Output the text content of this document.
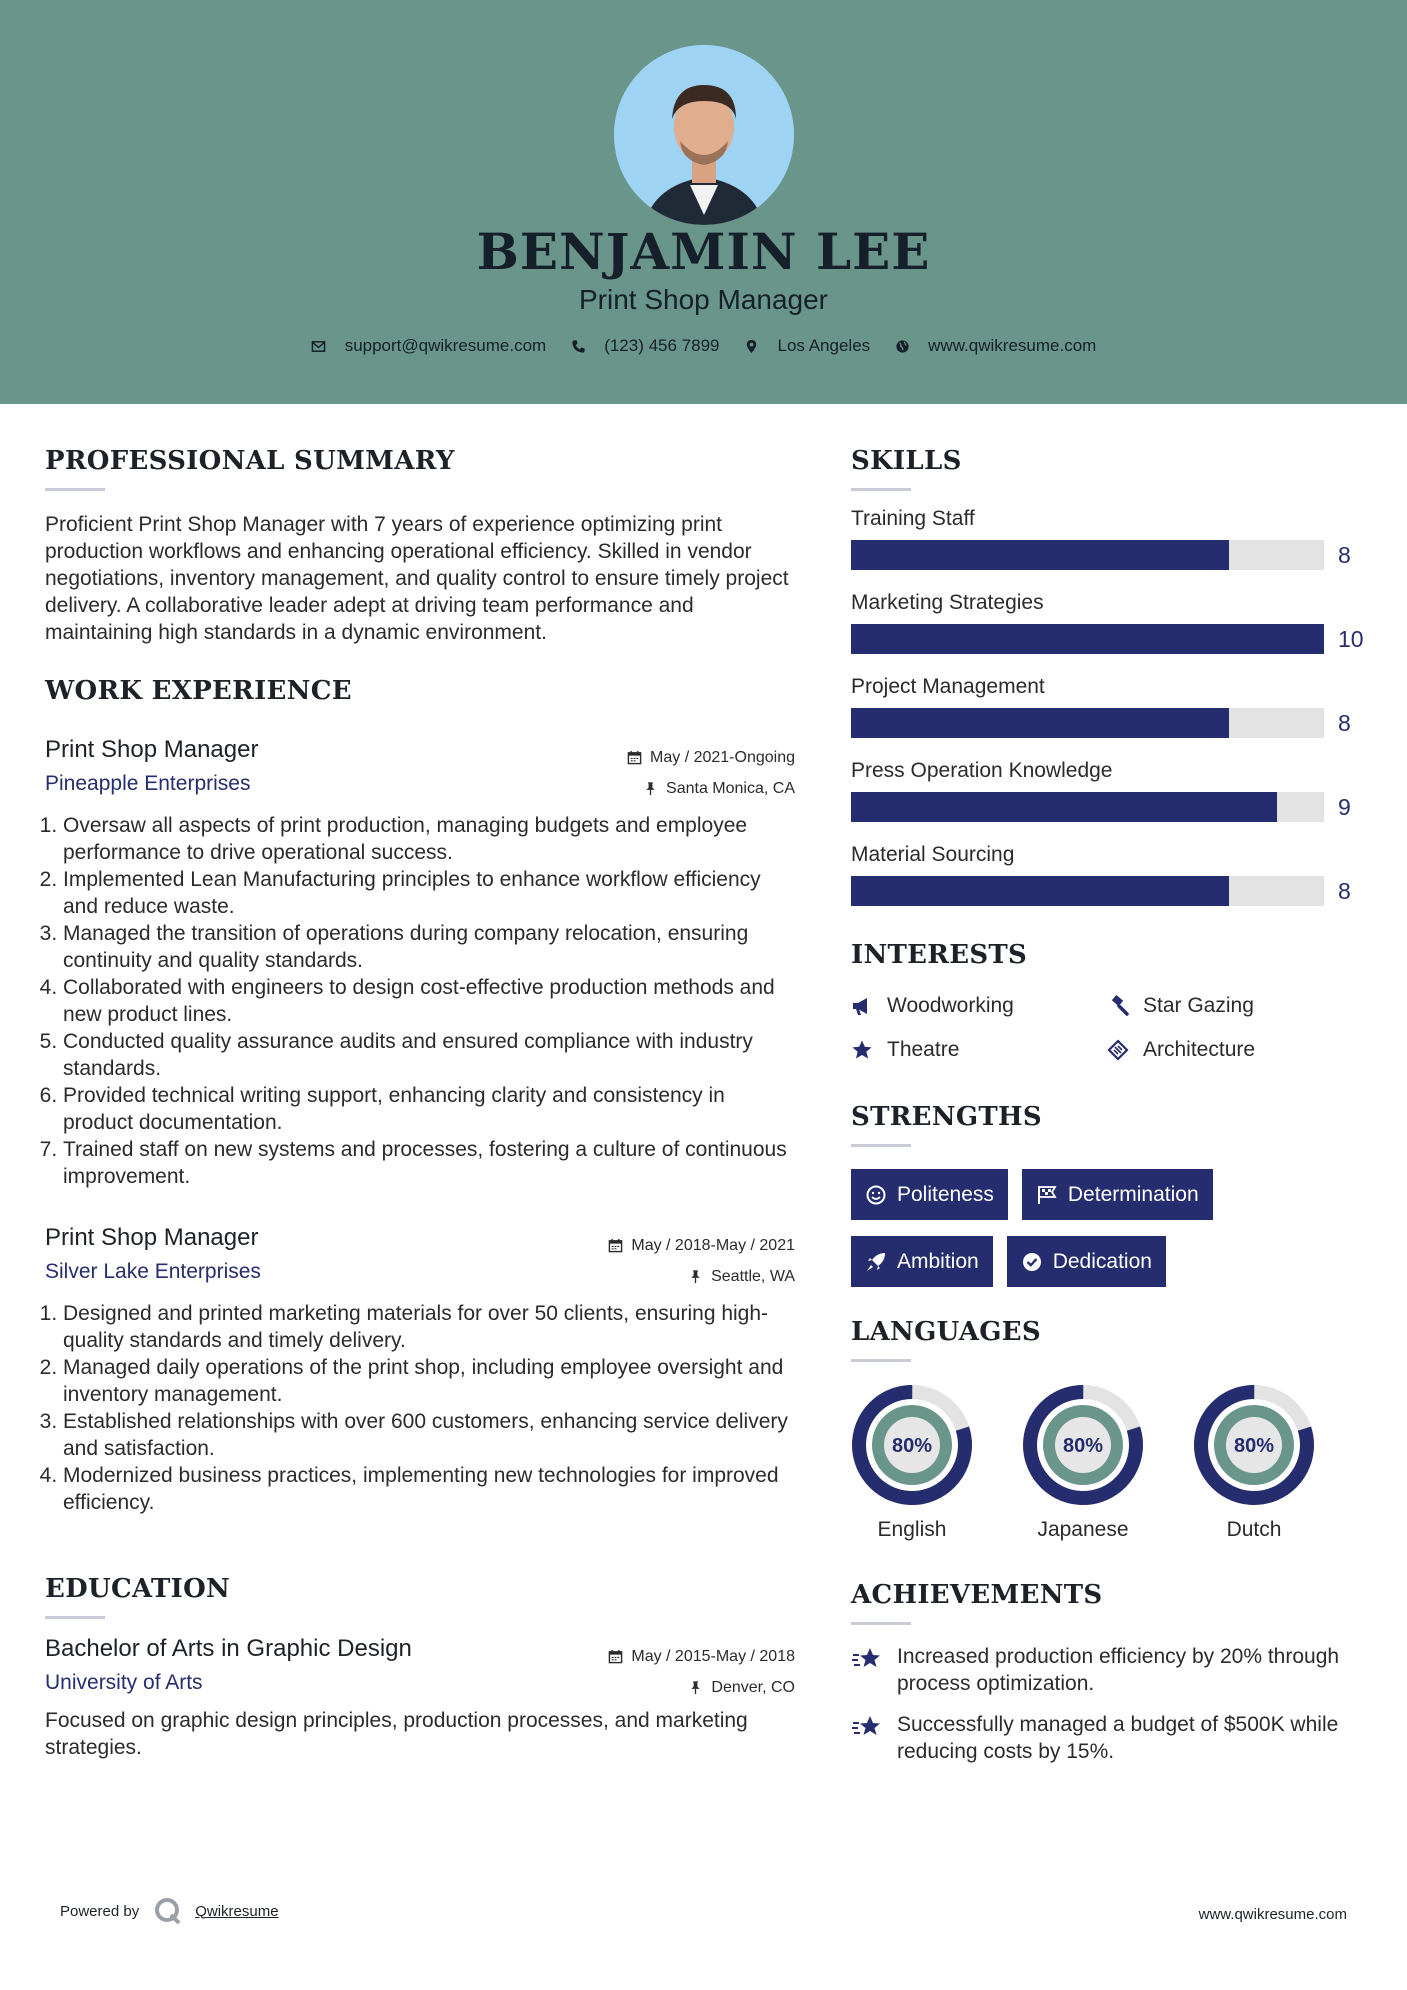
BENJAMIN LEE
Print Shop Manager
support@qwikresume.com	(123) 456 7899	Los Angeles	www.qwikresume.com
PROFESSIONAL SUMMARY
Proficient Print Shop Manager with 7 years of experience optimizing print production workflows and enhancing operational efficiency. Skilled in vendor negotiations, inventory management, and quality control to ensure timely project delivery. A collaborative leader adept at driving team performance and maintaining high standards in a dynamic environment.
WORK EXPERIENCE
Print Shop Manager
Pineapple Enterprises
May / 2021-Ongoing
Santa Monica, CA
1. Oversaw all aspects of print production, managing budgets and employee performance to drive operational success.
2. Implemented Lean Manufacturing principles to enhance workflow efficiency and reduce waste.
3. Managed the transition of operations during company relocation, ensuring continuity and quality standards.
4. Collaborated with engineers to design cost-effective production methods and new product lines.
5. Conducted quality assurance audits and ensured compliance with industry standards.
6. Provided technical writing support, enhancing clarity and consistency in product documentation.
7. Trained staff on new systems and processes, fostering a culture of continuous improvement.
Print Shop Manager
Silver Lake Enterprises
May / 2018-May / 2021
Seattle, WA
1. Designed and printed marketing materials for over 50 clients, ensuring high-quality standards and timely delivery.
2. Managed daily operations of the print shop, including employee oversight and inventory management.
3. Established relationships with over 600 customers, enhancing service delivery and satisfaction.
4. Modernized business practices, implementing new technologies for improved efficiency.
EDUCATION
Bachelor of Arts in Graphic Design
University of Arts
May / 2015-May / 2018
Denver, CO
Focused on graphic design principles, production processes, and marketing strategies.
SKILLS
Training Staff
8
Marketing Strategies
10
Project Management
8
Press Operation Knowledge
9
Material Sourcing
8
INTERESTS
Woodworking	Star Gazing
Theatre	Architecture
STRENGTHS
Politeness	Determination
Ambition	Dedication
LANGUAGES
80%
English
80%
Japanese
80%
Dutch
ACHIEVEMENTS
Increased production efficiency by 20% through process optimization.
Successfully managed a budget of $500K while reducing costs by 15%.
Powered by	Qwikresume	www.qwikresume.com
